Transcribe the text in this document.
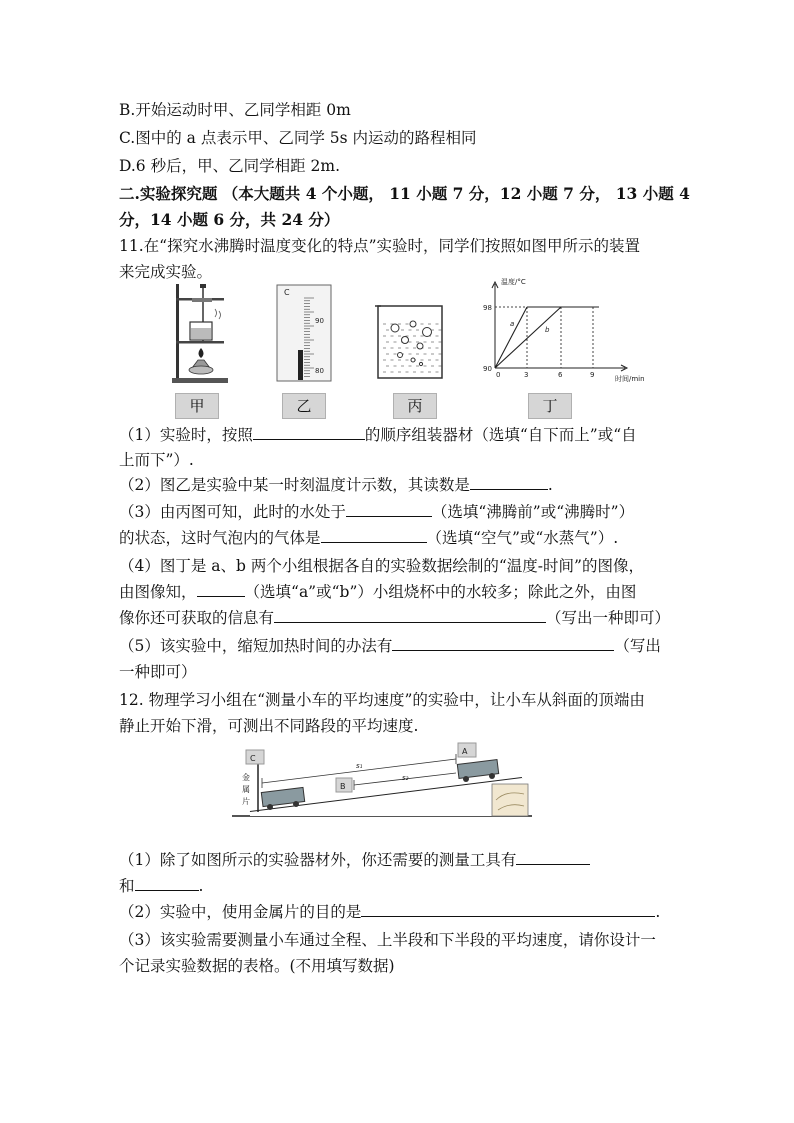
B.开始运动时甲、乙同学相距 0m
C.图中的 a 点表示甲、乙同学 5s 内运动的路程相同
D.6 秒后，甲、乙同学相距 2m.
二.实验探究题 （本大题共 4 个小题， 11 小题 7 分，12 小题 7 分， 13 小题 4
分，14 小题 6 分，共 24 分）
11.在“探究水沸腾时温度变化的特点”实验时，同学们按照如图甲所示的装置
来完成实验。
甲
C
90
80
乙	丙
温度/°C
时间/min
98
90
0	3	6	9
a
b
丁
（1）实验时，按照	的顺序组装器材（选填“自下而上”或“自
上而下”）.
（2）图乙是实验中某一时刻温度计示数，其读数是	.
（3）由丙图可知，此时的水处于	（选填“沸腾前”或“沸腾时”）
的状态，这时气泡内的气体是	（选填“空气”或“水蒸气”）.
（4）图丁是 a、b 两个小组根据各自的实验数据绘制的“温度-时间”的图像，
由图像知，	（选填“a”或“b”）小组烧杯中的水较多；除此之外，由图
像你还可获取的信息有	（写出一种即可）
（5）该实验中，缩短加热时间的办法有	（写出
一种即可）
12. 物理学习小组在“测量小车的平均速度”的实验中，让小车从斜面的顶端由
静止开始下滑，可测出不同路段的平均速度.
C
B
A
金
属
片
s₁
s₂
（1）除了如图所示的实验器材外，你还需要的测量工具有
和	.
（2）实验中，使用金属片的目的是	.
（3）该实验需要测量小车通过全程、上半段和下半段的平均速度，请你设计一
个记录实验数据的表格。(不用填写数据)
